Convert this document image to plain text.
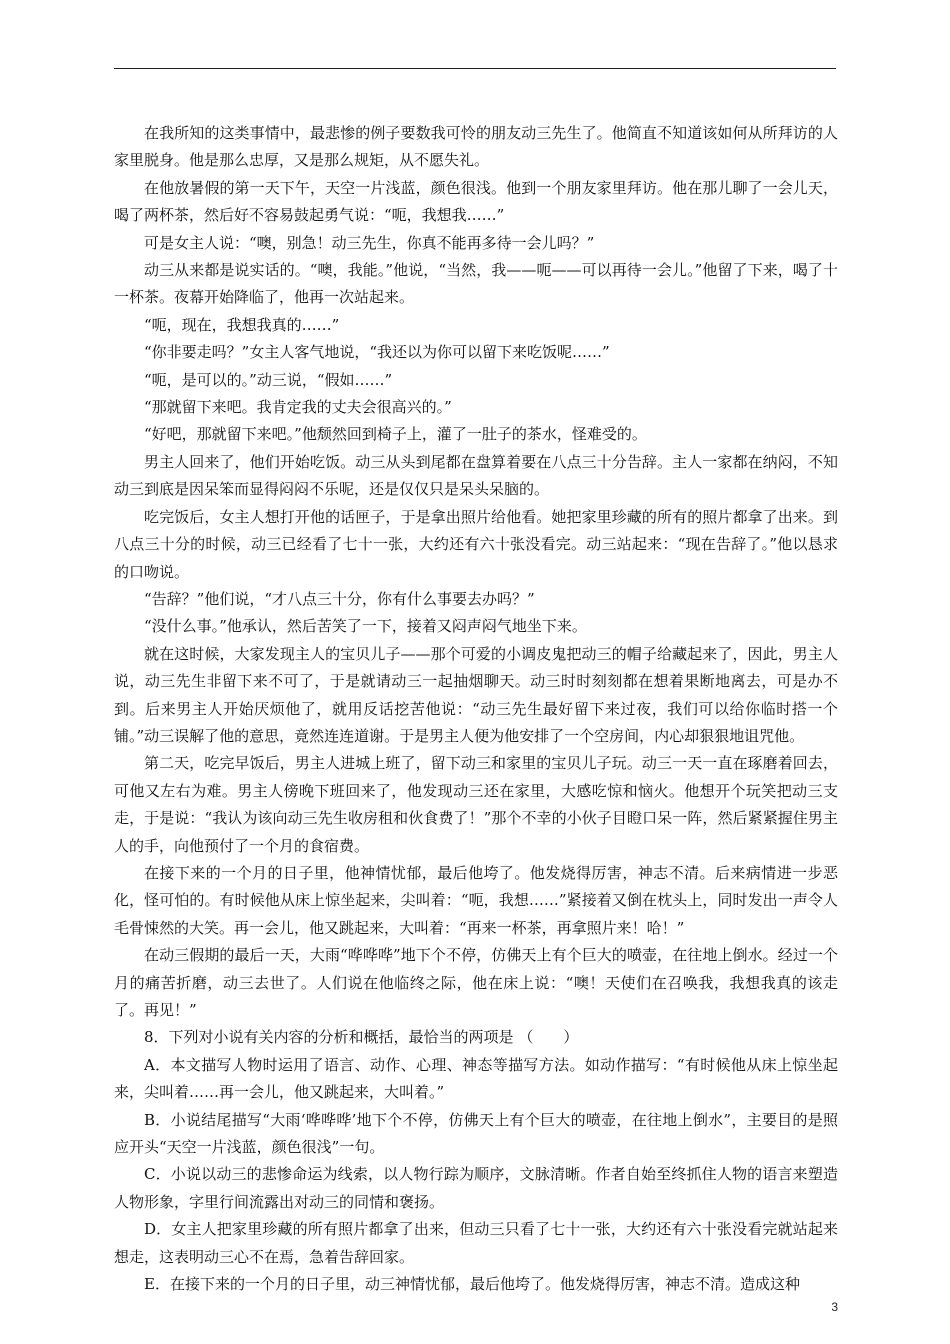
在我所知的这类事情中，最悲惨的例子要数我可怜的朋友动三先生了。他简直不知道该如何从所拜访的人家里脱身。他是那么忠厚，又是那么规矩，从不愿失礼。

在他放暑假的第一天下午，天空一片浅蓝，颜色很浅。他到一个朋友家里拜访。他在那儿聊了一会儿天，喝了两杯茶，然后好不容易鼓起勇气说：“呃，我想我……”

可是女主人说：“噢，别急！动三先生，你真不能再多待一会儿吗？”

动三从来都是说实话的。“噢，我能。”他说，“当然，我——呃——可以再待一会儿。”他留了下来，喝了十一杯茶。夜幕开始降临了，他再一次站起来。

“呃，现在，我想我真的……”

“你非要走吗？”女主人客气地说，“我还以为你可以留下来吃饭呢……”

“呃，是可以的。”动三说，“假如……”

“那就留下来吧。我肯定我的丈夫会很高兴的。”

“好吧，那就留下来吧。”他颓然回到椅子上，灌了一肚子的茶水，怪难受的。

男主人回来了，他们开始吃饭。动三从头到尾都在盘算着要在八点三十分告辞。主人一家都在纳闷，不知动三到底是因呆笨而显得闷闷不乐呢，还是仅仅只是呆头呆脑的。

吃完饭后，女主人想打开他的话匣子，于是拿出照片给他看。她把家里珍藏的所有的照片都拿了出来。到八点三十分的时候，动三已经看了七十一张，大约还有六十张没看完。动三站起来：“现在告辞了。”他以恳求的口吻说。

“告辞？”他们说，“才八点三十分，你有什么事要去办吗？”

“没什么事。”他承认，然后苦笑了一下，接着又闷声闷气地坐下来。

就在这时候，大家发现主人的宝贝儿子——那个可爱的小调皮鬼把动三的帽子给藏起来了，因此，男主人说，动三先生非留下来不可了，于是就请动三一起抽烟聊天。动三时时刻刻都在想着果断地离去，可是办不到。后来男主人开始厌烦他了，就用反话挖苦他说：“动三先生最好留下来过夜，我们可以给你临时搭一个铺。”动三误解了他的意思，竟然连连道谢。于是男主人便为他安排了一个空房间，内心却狠狠地诅咒他。

第二天，吃完早饭后，男主人进城上班了，留下动三和家里的宝贝儿子玩。动三一天一直在琢磨着回去，可他又左右为难。男主人傍晚下班回来了，他发现动三还在家里，大感吃惊和恼火。他想开个玩笑把动三支走，于是说：“我认为该向动三先生收房租和伙食费了！”那个不幸的小伙子目瞪口呆一阵，然后紧紧握住男主人的手，向他预付了一个月的食宿费。

在接下来的一个月的日子里，他神情忧郁，最后他垮了。他发烧得厉害，神志不清。后来病情进一步恶化，怪可怕的。有时候他从床上惊坐起来，尖叫着：“呃，我想……”紧接着又倒在枕头上，同时发出一声令人毛骨悚然的大笑。再一会儿，他又跳起来，大叫着：“再来一杯茶，再拿照片来！哈！”

在动三假期的最后一天，大雨“哗哗哗”地下个不停，仿佛天上有个巨大的喷壶，在往地上倒水。经过一个月的痛苦折磨，动三去世了。人们说在他临终之际，他在床上说：“噢！天使们在召唤我，我想我真的该走了。再见！”

8．下列对小说有关内容的分析和概括，最恰当的两项是 （　　）

A．本文描写人物时运用了语言、动作、心理、神态等描写方法。如动作描写：“有时候他从床上惊坐起来，尖叫着……再一会儿，他又跳起来，大叫着。”

B．小说结尾描写“大雨‘哗哗哗’地下个不停，仿佛天上有个巨大的喷壶，在往地上倒水”，主要目的是照应开头“天空一片浅蓝，颜色很浅”一句。

C．小说以动三的悲惨命运为线索，以人物行踪为顺序，文脉清晰。作者自始至终抓住人物的语言来塑造人物形象，字里行间流露出对动三的同情和褒扬。

D．女主人把家里珍藏的所有照片都拿了出来，但动三只看了七十一张，大约还有六十张没看完就站起来想走，这表明动三心不在焉，急着告辞回家。

E．在接下来的一个月的日子里，动三神情忧郁，最后他垮了。他发烧得厉害，神志不清。造成这种

3
